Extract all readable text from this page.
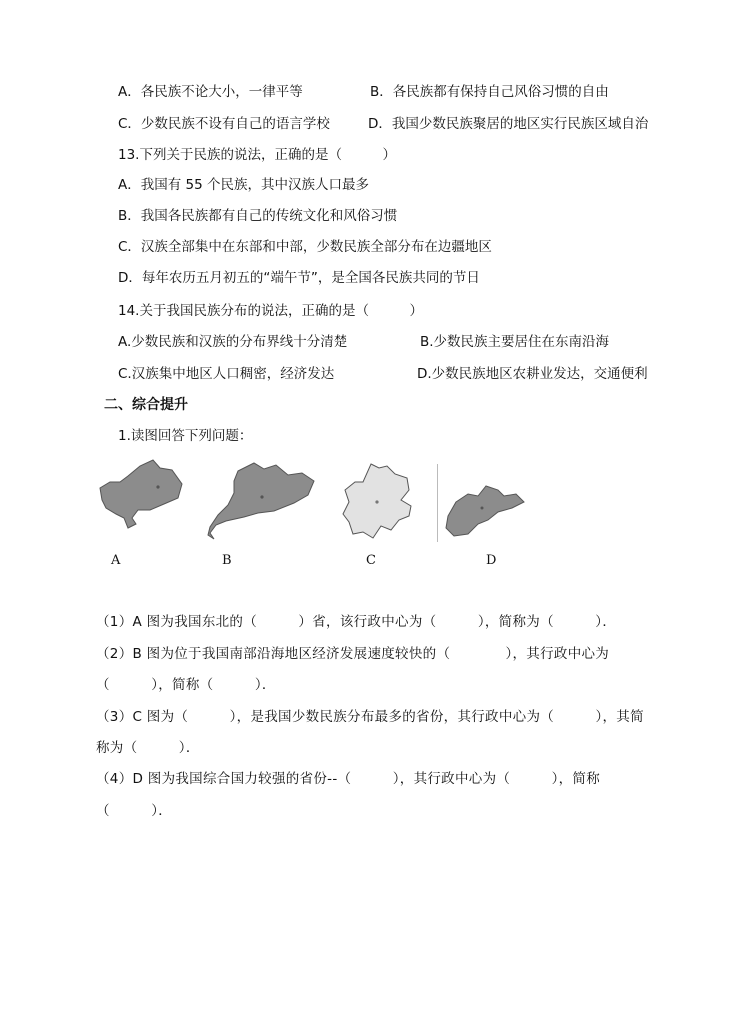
A．各民族不论大小，一律平等	B．各民族都有保持自己风俗习惯的自由
C．少数民族不设有自己的语言学校	D．我国少数民族聚居的地区实行民族区域自治
13.下列关于民族的说法，正确的是（　　　）
A．我国有 55 个民族，其中汉族人口最多
B．我国各民族都有自己的传统文化和风俗习惯
C．汉族全部集中在东部和中部，少数民族全部分布在边疆地区
D．每年农历五月初五的“端午节”，是全国各民族共同的节日
14.关于我国民族分布的说法，正确的是（　　　）
A.少数民族和汉族的分布界线十分清楚	B.少数民族主要居住在东南沿海
C.汉族集中地区人口稠密，经济发达	D.少数民族地区农耕业发达，交通便利
二、综合提升
1.读图回答下列问题：
A	B	C	D
（1）A 图为我国东北的（　　　）省，该行政中心为（　　　），简称为（　　　）．
（2）B 图为位于我国南部沿海地区经济发展速度较快的（　　　　），其行政中心为
（　　　），简称（　　　）．
（3）C 图为（　　　），是我国少数民族分布最多的省份，其行政中心为（　　　），其简
称为（　　　）．
（4）D 图为我国综合国力较强的省份--（　　　），其行政中心为（　　　），简称
（　　　）．
